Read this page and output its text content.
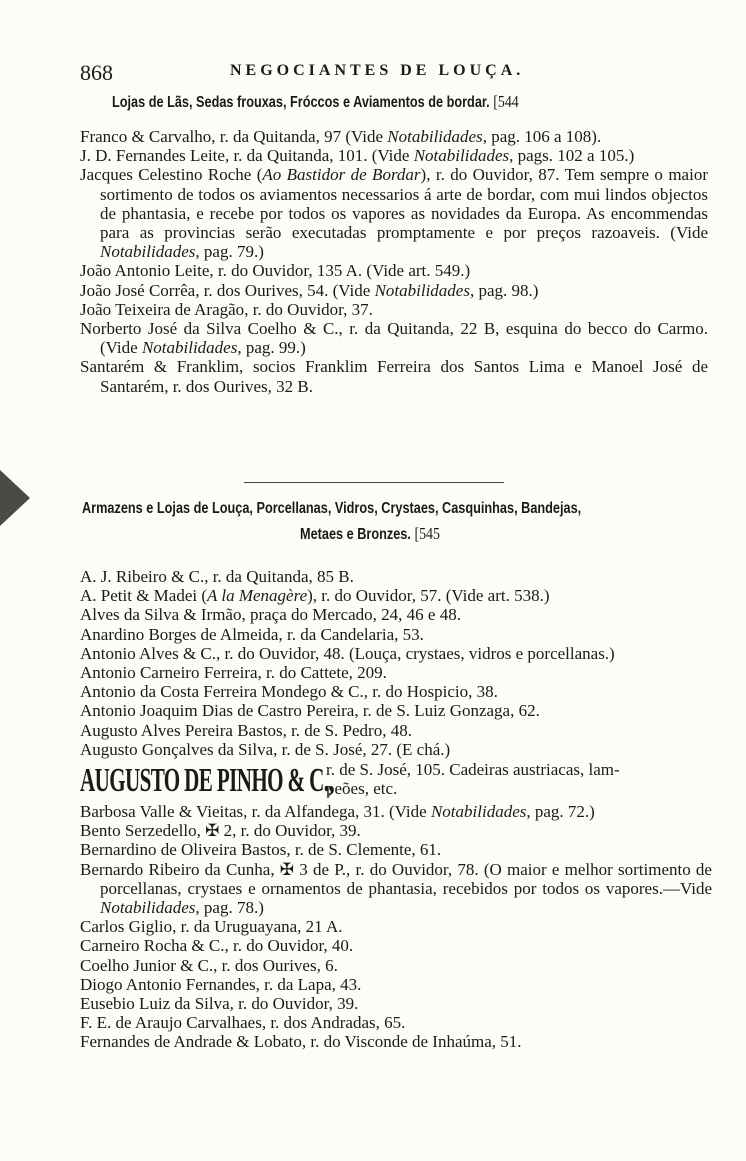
868	NEGOCIANTES DE LOUÇA.
Lojas de Lãs, Sedas frouxas, Fróccos e Aviamentos de bordar. [544
Franco & Carvalho, r. da Quitanda, 97 (Vide Notabilidades, pag. 106 a 108).
J. D. Fernandes Leite, r. da Quitanda, 101. (Vide Notabilidades, pags. 102 a 105.)
Jacques Celestino Roche (Ao Bastidor de Bordar), r. do Ouvidor, 87. Tem sempre o maior sortimento de todos os aviamentos necessarios á arte de bordar, com mui lindos objectos de phantasia, e recebe por todos os vapores as novidades da Europa. As encommendas para as provincias serão executadas promptamente e por preços razoaveis. (Vide Notabilidades, pag. 79.)
João Antonio Leite, r. do Ouvidor, 135 A. (Vide art. 549.)
João José Corrêa, r. dos Ourives, 54. (Vide Notabilidades, pag. 98.)
João Teixeira de Aragão, r. do Ouvidor, 37.
Norberto José da Silva Coelho & C., r. da Quitanda, 22 B, esquina do becco do Carmo. (Vide Notabilidades, pag. 99.)
Santarém & Franklim, socios Franklim Ferreira dos Santos Lima e Manoel José de Santarém, r. dos Ourives, 32 B.
Armazens e Lojas de Louça, Porcellanas, Vidros, Crystaes, Casquinhas, Bandejas,
Metaes e Bronzes. [545
A. J. Ribeiro & C., r. da Quitanda, 85 B.
A. Petit & Madei (A la Menagère), r. do Ouvidor, 57. (Vide art. 538.)
Alves da Silva & Irmão, praça do Mercado, 24, 46 e 48.
Anardino Borges de Almeida, r. da Candelaria, 53.
Antonio Alves & C., r. do Ouvidor, 48. (Louça, crystaes, vidros e porcellanas.)
Antonio Carneiro Ferreira, r. do Cattete, 209.
Antonio da Costa Ferreira Mondego & C., r. do Hospicio, 38.
Antonio Joaquim Dias de Castro Pereira, r. de S. Luiz Gonzaga, 62.
Augusto Alves Pereira Bastos, r. de S. Pedro, 48.
Augusto Gonçalves da Silva, r. de S. José, 27. (E chá.)
AUGUSTO DE PINHO & C.,
r. de S. José, 105. Cadeiras austriacas, lam-
peões, etc.
Barbosa Valle & Vieitas, r. da Alfandega, 31. (Vide Notabilidades, pag. 72.)
Bento Serzedello, ✠ 2, r. do Ouvidor, 39.
Bernardino de Oliveira Bastos, r. de S. Clemente, 61.
Bernardo Ribeiro da Cunha, ✠ 3 de P., r. do Ouvidor, 78. (O maior e melhor sortimento de porcellanas, crystaes e ornamentos de phantasia, recebidos por todos os vapores.—Vide Notabilidades, pag. 78.)
Carlos Giglio, r. da Uruguayana, 21 A.
Carneiro Rocha & C., r. do Ouvidor, 40.
Coelho Junior & C., r. dos Ourives, 6.
Diogo Antonio Fernandes, r. da Lapa, 43.
Eusebio Luiz da Silva, r. do Ouvidor, 39.
F. E. de Araujo Carvalhaes, r. dos Andradas, 65.
Fernandes de Andrade & Lobato, r. do Visconde de Inhaúma, 51.
